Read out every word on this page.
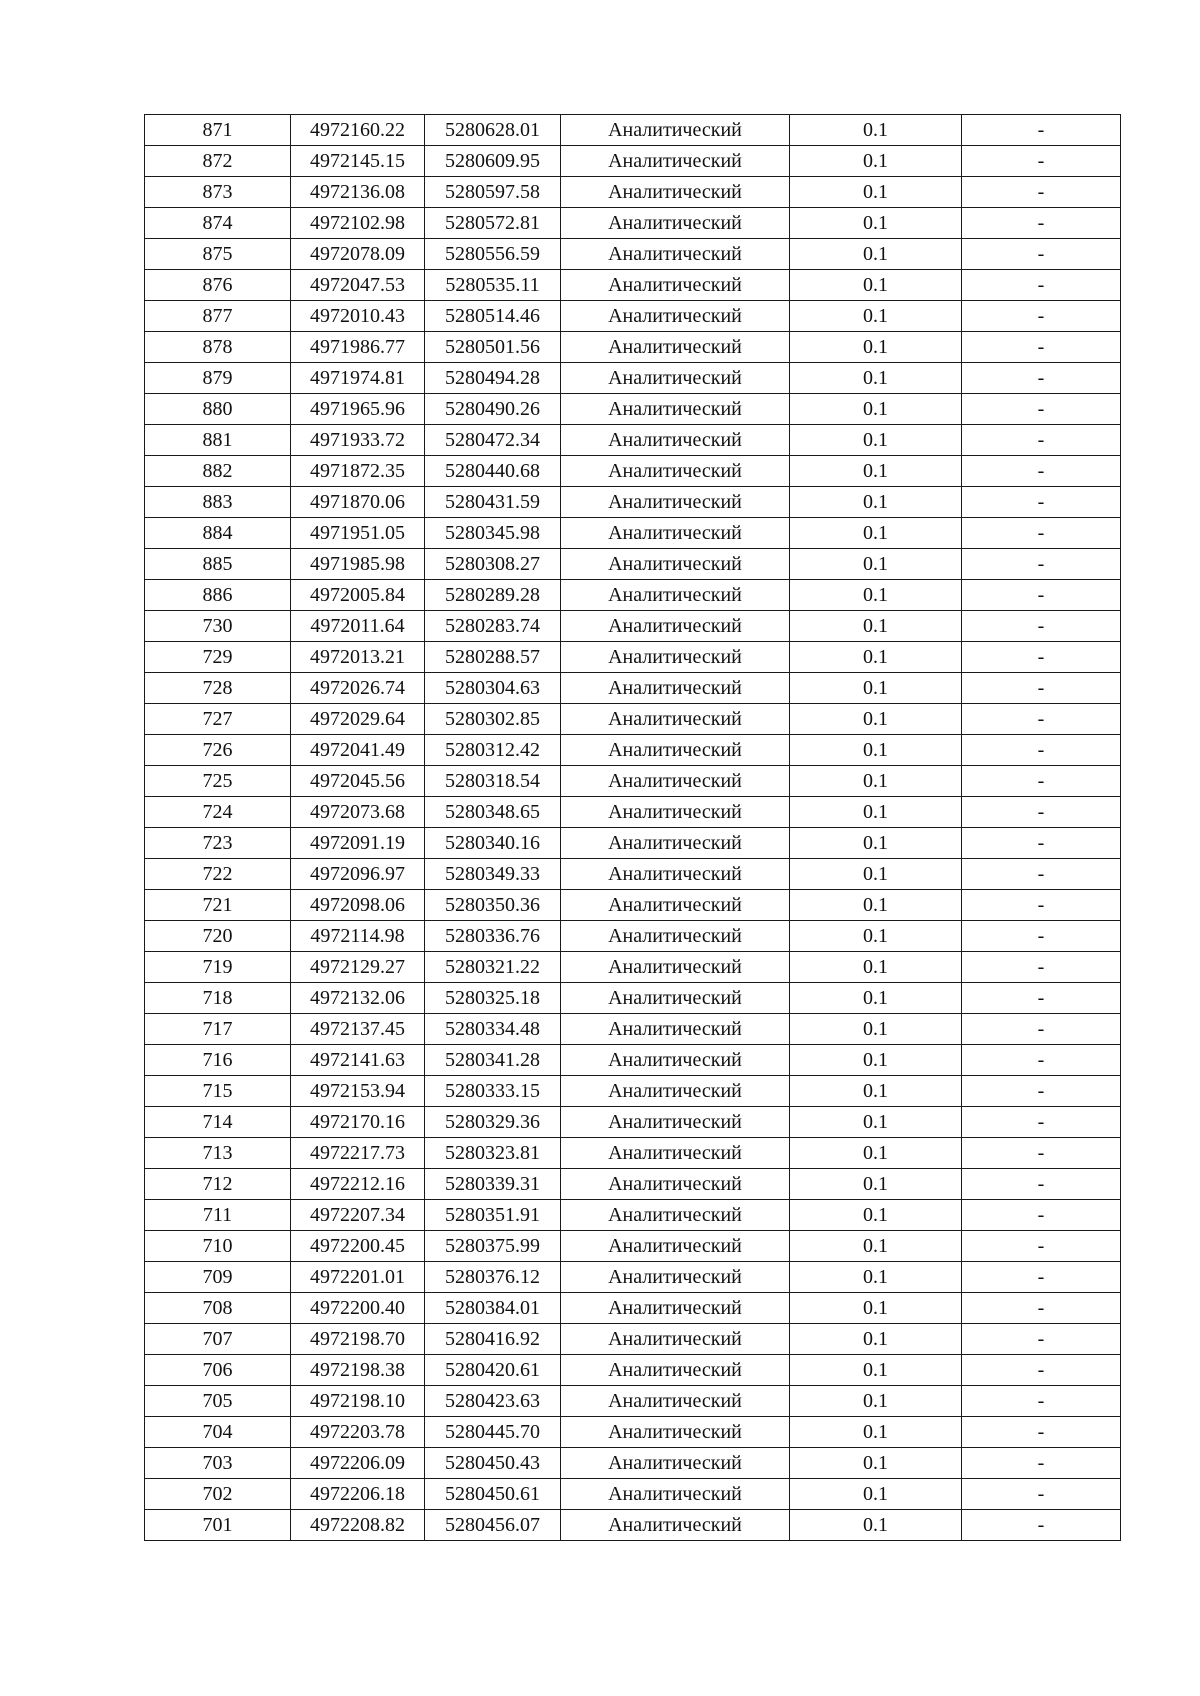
871	4972160.22	5280628.01	Аналитический	0.1	-
872	4972145.15	5280609.95	Аналитический	0.1	-
873	4972136.08	5280597.58	Аналитический	0.1	-
874	4972102.98	5280572.81	Аналитический	0.1	-
875	4972078.09	5280556.59	Аналитический	0.1	-
876	4972047.53	5280535.11	Аналитический	0.1	-
877	4972010.43	5280514.46	Аналитический	0.1	-
878	4971986.77	5280501.56	Аналитический	0.1	-
879	4971974.81	5280494.28	Аналитический	0.1	-
880	4971965.96	5280490.26	Аналитический	0.1	-
881	4971933.72	5280472.34	Аналитический	0.1	-
882	4971872.35	5280440.68	Аналитический	0.1	-
883	4971870.06	5280431.59	Аналитический	0.1	-
884	4971951.05	5280345.98	Аналитический	0.1	-
885	4971985.98	5280308.27	Аналитический	0.1	-
886	4972005.84	5280289.28	Аналитический	0.1	-
730	4972011.64	5280283.74	Аналитический	0.1	-
729	4972013.21	5280288.57	Аналитический	0.1	-
728	4972026.74	5280304.63	Аналитический	0.1	-
727	4972029.64	5280302.85	Аналитический	0.1	-
726	4972041.49	5280312.42	Аналитический	0.1	-
725	4972045.56	5280318.54	Аналитический	0.1	-
724	4972073.68	5280348.65	Аналитический	0.1	-
723	4972091.19	5280340.16	Аналитический	0.1	-
722	4972096.97	5280349.33	Аналитический	0.1	-
721	4972098.06	5280350.36	Аналитический	0.1	-
720	4972114.98	5280336.76	Аналитический	0.1	-
719	4972129.27	5280321.22	Аналитический	0.1	-
718	4972132.06	5280325.18	Аналитический	0.1	-
717	4972137.45	5280334.48	Аналитический	0.1	-
716	4972141.63	5280341.28	Аналитический	0.1	-
715	4972153.94	5280333.15	Аналитический	0.1	-
714	4972170.16	5280329.36	Аналитический	0.1	-
713	4972217.73	5280323.81	Аналитический	0.1	-
712	4972212.16	5280339.31	Аналитический	0.1	-
711	4972207.34	5280351.91	Аналитический	0.1	-
710	4972200.45	5280375.99	Аналитический	0.1	-
709	4972201.01	5280376.12	Аналитический	0.1	-
708	4972200.40	5280384.01	Аналитический	0.1	-
707	4972198.70	5280416.92	Аналитический	0.1	-
706	4972198.38	5280420.61	Аналитический	0.1	-
705	4972198.10	5280423.63	Аналитический	0.1	-
704	4972203.78	5280445.70	Аналитический	0.1	-
703	4972206.09	5280450.43	Аналитический	0.1	-
702	4972206.18	5280450.61	Аналитический	0.1	-
701	4972208.82	5280456.07	Аналитический	0.1	-
